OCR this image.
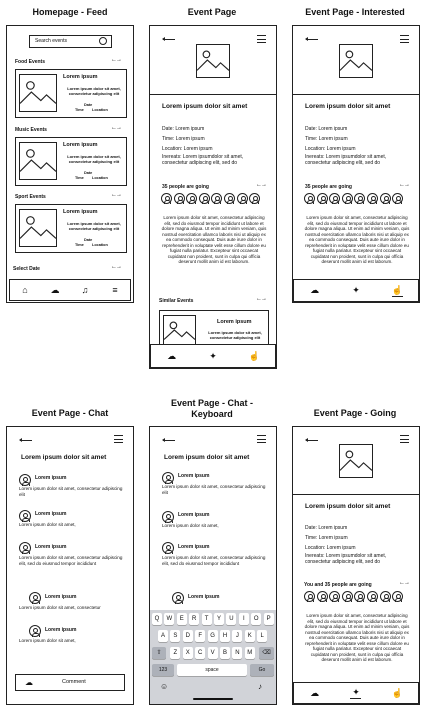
Homepage - Feed	Event Page	Event Page - Interested
Event Page - Chat
Event Page - Chat -
Keyboard	Event Page - Going
Search events
Food Events	←→
Lorem ipsum
Lorem ipsum dolor sit amet, consectetur adipiscing elit
Date
Time Location
Music Events	←→
Lorem ipsum
Lorem ipsum dolor sit amet, consectetur adipiscing elit
Date
Time Location
Sport Events	←→
Lorem ipsum
Lorem ipsum dolor sit amet, consectetur adipiscing elit
Date
Time Location
Select Date	←→
⌂	☁ ♫	≡
Lorem ipsum dolor sit amet
Date: Lorem ipsum
Time: Lorem ipsum
Location: Lorem ipsum
Inereats: Lorem ipsumdolor sit amet, consectetur adipiscing elit, sed do
35 people are going	←→
Lorem ipsum dolor sit amet, consectetur adipiscing elit, sed do eiusmod tempor incididunt ut labore et dolore magna aliqua. Ut enim ad minim veniam, quis nostrud exercitation ullamco laboris nisi ut aliquip ex ea commodo consequat. Duis aute irure dolor in reprehenderit in voluptate velit esse cillum dolore eu fugiat nulla pariatur. Excepteur sint occaecat cupidatat non proident, sunt in culpa qui officia deserunt mollit anim id est laborum.
Similar Events	←→
Lorem ipsum
Lorem ipsum dolor sit amet, consectetur adipiscing elit
☁	✦	☝
Lorem ipsum dolor sit amet
Date: Lorem ipsum
Time: Lorem ipsum
Location: Lorem ipsum
Inereats: Lorem ipsumdolor sit amet, consectetur adipiscing elit, sed do
35 people are going	←→
Lorem ipsum dolor sit amet, consectetur adipiscing elit, sed do eiusmod tempor incididunt ut labore et dolore magna aliqua. Ut enim ad minim veniam, quis nostrud exercitation ullamco laboris nisi ut aliquip ex ea commodo consequat. Duis aute irure dolor in reprehenderit in voluptate velit esse cillum dolore eu fugiat nulla pariatur. Excepteur sint occaecat cupidatat non proident, sunt in culpa qui officia deserunt mollit anim id est laborum.
☁	✦	☝
Lorem ipsum dolor sit amet
Lorem ipsum
Lorem ipsum dolor sit amet, consectetur adipiscing elit
Lorem ipsum
Lorem ipsum dolor sit amet,
Lorem ipsum
Lorem ipsum dolor sit amet, consectetur adipiscing elit, sed do eiusmod tempor incididunt
Lorem ipsum
Lorem ipsum dolor sit amet, consectetur
Lorem ipsum
Lorem ipsum dolor sit amet,
☁	Comment
Lorem ipsum dolor sit amet
Lorem ipsum
Lorem ipsum dolor sit amet, consectetur adipiscing elit
Lorem ipsum
Lorem ipsum dolor sit amet,
Lorem ipsum
Lorem ipsum dolor sit amet, consectetur adipiscing elit, sed do eiusmod tempor incididunt
Lorem ipsum
Q	W	E	R	T	Y	U	I	O	P
A	S	D	F	G	H	J	K	L
⇧	Z	X	C	V	B	N	M	⌫
123	space	Go
☺	♪
Lorem ipsum dolor sit amet
Date: Lorem ipsum
Time: Lorem ipsum
Location: Lorem ipsum
Inereats: Lorem ipsumdolor sit amet, consectetur adipiscing elit, sed do
You and 35 people are going	←→
Lorem ipsum dolor sit amet, consectetur adipiscing elit, sed do eiusmod tempor incididunt ut labore et dolore magna aliqua. Ut enim ad minim veniam, quis nostrud exercitation ullamco laboris nisi ut aliquip ex ea commodo consequat. Duis aute irure dolor in reprehenderit in voluptate velit esse cillum dolore eu fugiat nulla pariatur. Excepteur sint occaecat cupidatat non proident, sunt in culpa qui officia deserunt mollit anim id est laborum.
☁	✦	☝
